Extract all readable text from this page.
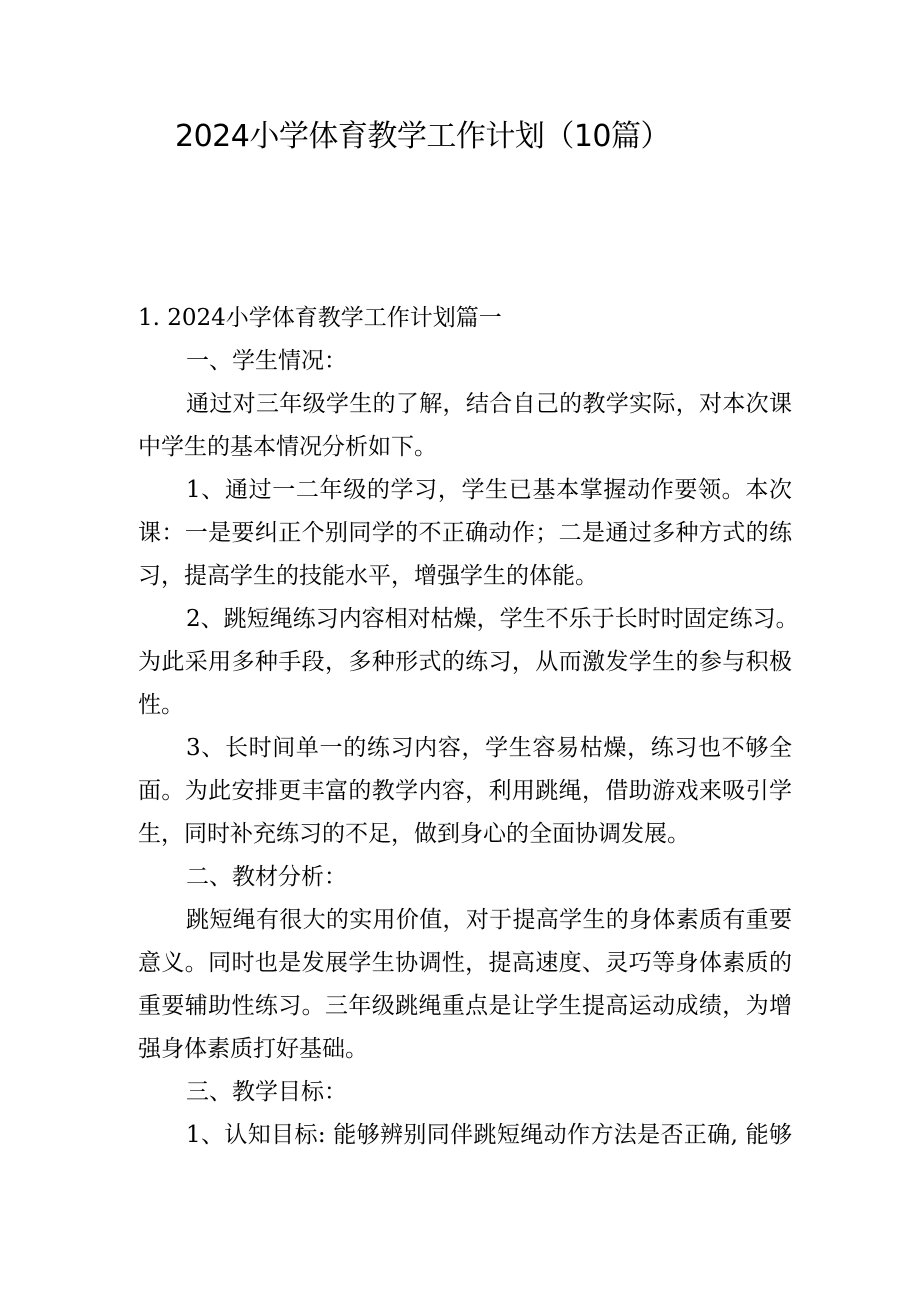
2024小学体育教学工作计划（10篇）

1. 2024小学体育教学工作计划篇一

一、学生情况：

通过对三年级学生的了解，结合自己的教学实际，对本次课

中学生的基本情况分析如下。

1、通过一二年级的学习，学生已基本掌握动作要领。本次

课：一是要纠正个别同学的不正确动作；二是通过多种方式的练

习，提高学生的技能水平，增强学生的体能。

2、跳短绳练习内容相对枯燥，学生不乐于长时时固定练习。

为此采用多种手段，多种形式的练习，从而激发学生的参与积极

性。

3、长时间单一的练习内容，学生容易枯燥，练习也不够全

面。为此安排更丰富的教学内容，利用跳绳，借助游戏来吸引学

生，同时补充练习的不足，做到身心的全面协调发展。

二、教材分析：

跳短绳有很大的实用价值，对于提高学生的身体素质有重要

意义。同时也是发展学生协调性，提高速度、灵巧等身体素质的

重要辅助性练习。三年级跳绳重点是让学生提高运动成绩，为增

强身体素质打好基础。

三、教学目标：

1、认知目标: 能够辨别同伴跳短绳动作方法是否正确, 能够
